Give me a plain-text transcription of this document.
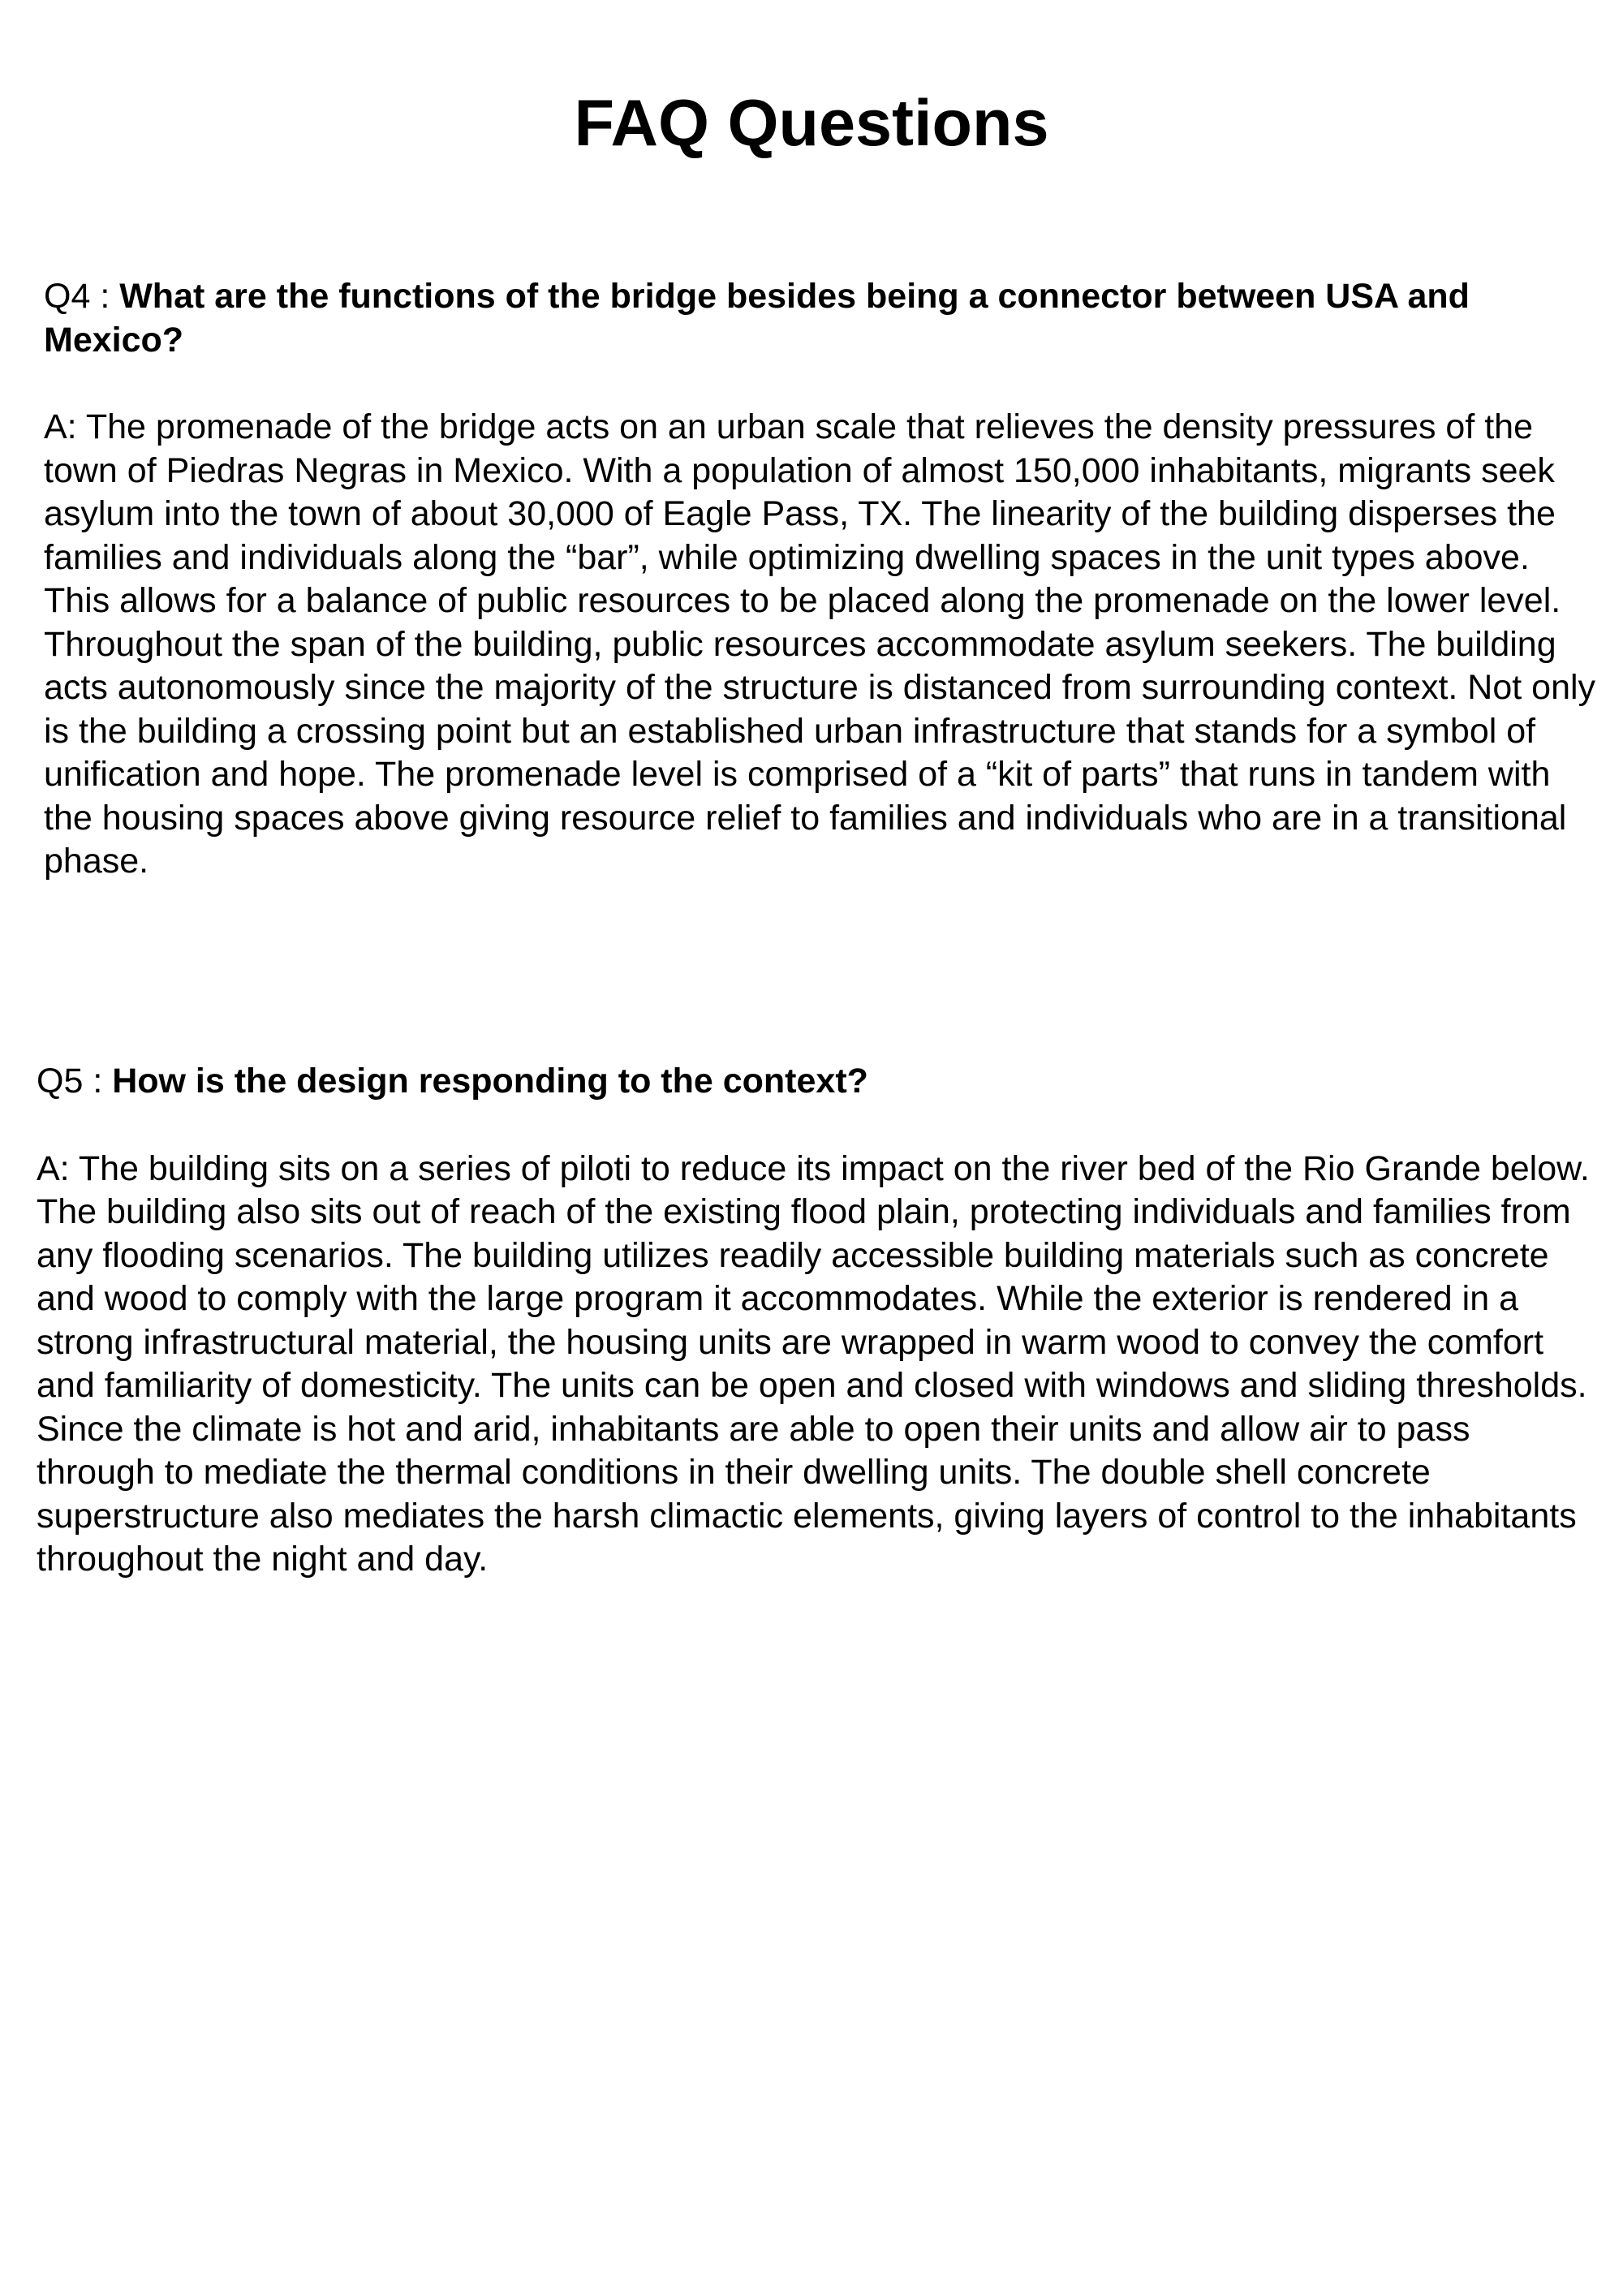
FAQ Questions

Q4 : What are the functions of the bridge besides being a connector between USA and Mexico?

A: The promenade of the bridge acts on an urban scale that relieves the density pressures of the town of Piedras Negras in Mexico. With a population of almost 150,000 inhabitants, migrants seek asylum into the town of about 30,000 of Eagle Pass, TX. The linearity of the building disperses the families and individuals along the “bar”, while optimizing dwelling spaces in the unit types above. This allows for a balance of public resources to be placed along the promenade on the lower level. Throughout the span of the building, public resources accommodate asylum seekers. The building acts autonomously since the majority of the structure is distanced from surrounding context. Not only is the building a crossing point but an established urban infrastructure that stands for a symbol of unification and hope. The promenade level is comprised of a “kit of parts” that runs in tandem with the housing spaces above giving resource relief to families and individuals who are in a transitional phase.

Q5 : How is the design responding to the context?

A: The building sits on a series of piloti to reduce its impact on the river bed of the Rio Grande below. The building also sits out of reach of the existing flood plain, protecting individuals and families from any flooding scenarios. The building utilizes readily accessible building materials such as concrete and wood to comply with the large program it accommodates. While the exterior is rendered in a strong infrastructural material, the housing units are wrapped in warm wood to convey the comfort and familiarity of domesticity. The units can be open and closed with windows and sliding thresholds. Since the climate is hot and arid, inhabitants are able to open their units and allow air to pass through to mediate the thermal conditions in their dwelling units. The double shell concrete superstructure also mediates the harsh climactic elements, giving layers of control to the inhabitants throughout the night and day.
